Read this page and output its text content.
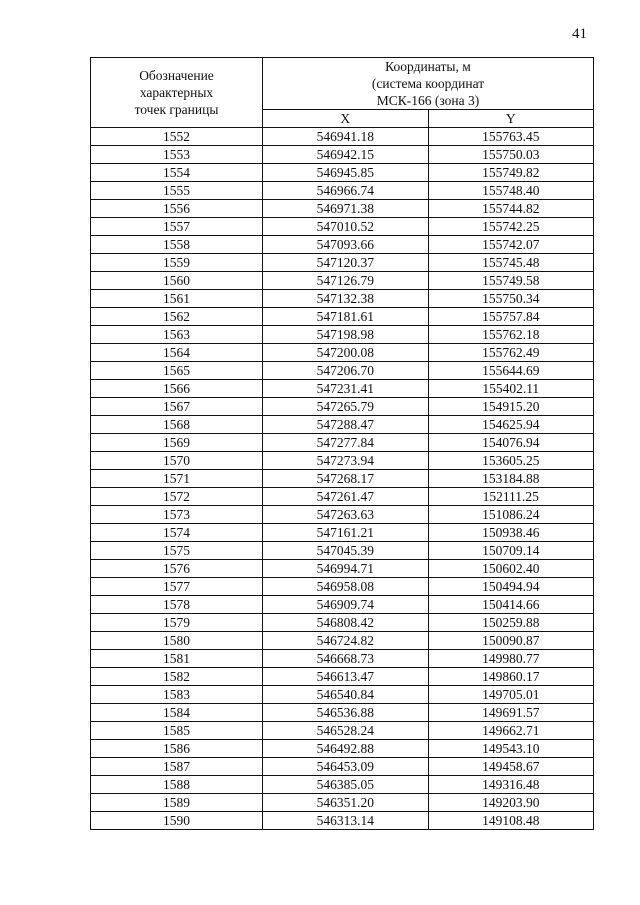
41
Обозначение
характерных
точек границы	Координаты, м
(система координат
МСК-166 (зона 3)	

	X	Y
1552	546941.18	155763.45
1553	546942.15	155750.03
1554	546945.85	155749.82
1555	546966.74	155748.40
1556	546971.38	155744.82
1557	547010.52	155742.25
1558	547093.66	155742.07
1559	547120.37	155745.48
1560	547126.79	155749.58
1561	547132.38	155750.34
1562	547181.61	155757.84
1563	547198.98	155762.18
1564	547200.08	155762.49
1565	547206.70	155644.69
1566	547231.41	155402.11
1567	547265.79	154915.20
1568	547288.47	154625.94
1569	547277.84	154076.94
1570	547273.94	153605.25
1571	547268.17	153184.88
1572	547261.47	152111.25
1573	547263.63	151086.24
1574	547161.21	150938.46
1575	547045.39	150709.14
1576	546994.71	150602.40
1577	546958.08	150494.94
1578	546909.74	150414.66
1579	546808.42	150259.88
1580	546724.82	150090.87
1581	546668.73	149980.77
1582	546613.47	149860.17
1583	546540.84	149705.01
1584	546536.88	149691.57
1585	546528.24	149662.71
1586	546492.88	149543.10
1587	546453.09	149458.67
1588	546385.05	149316.48
1589	546351.20	149203.90
1590	546313.14	149108.48
